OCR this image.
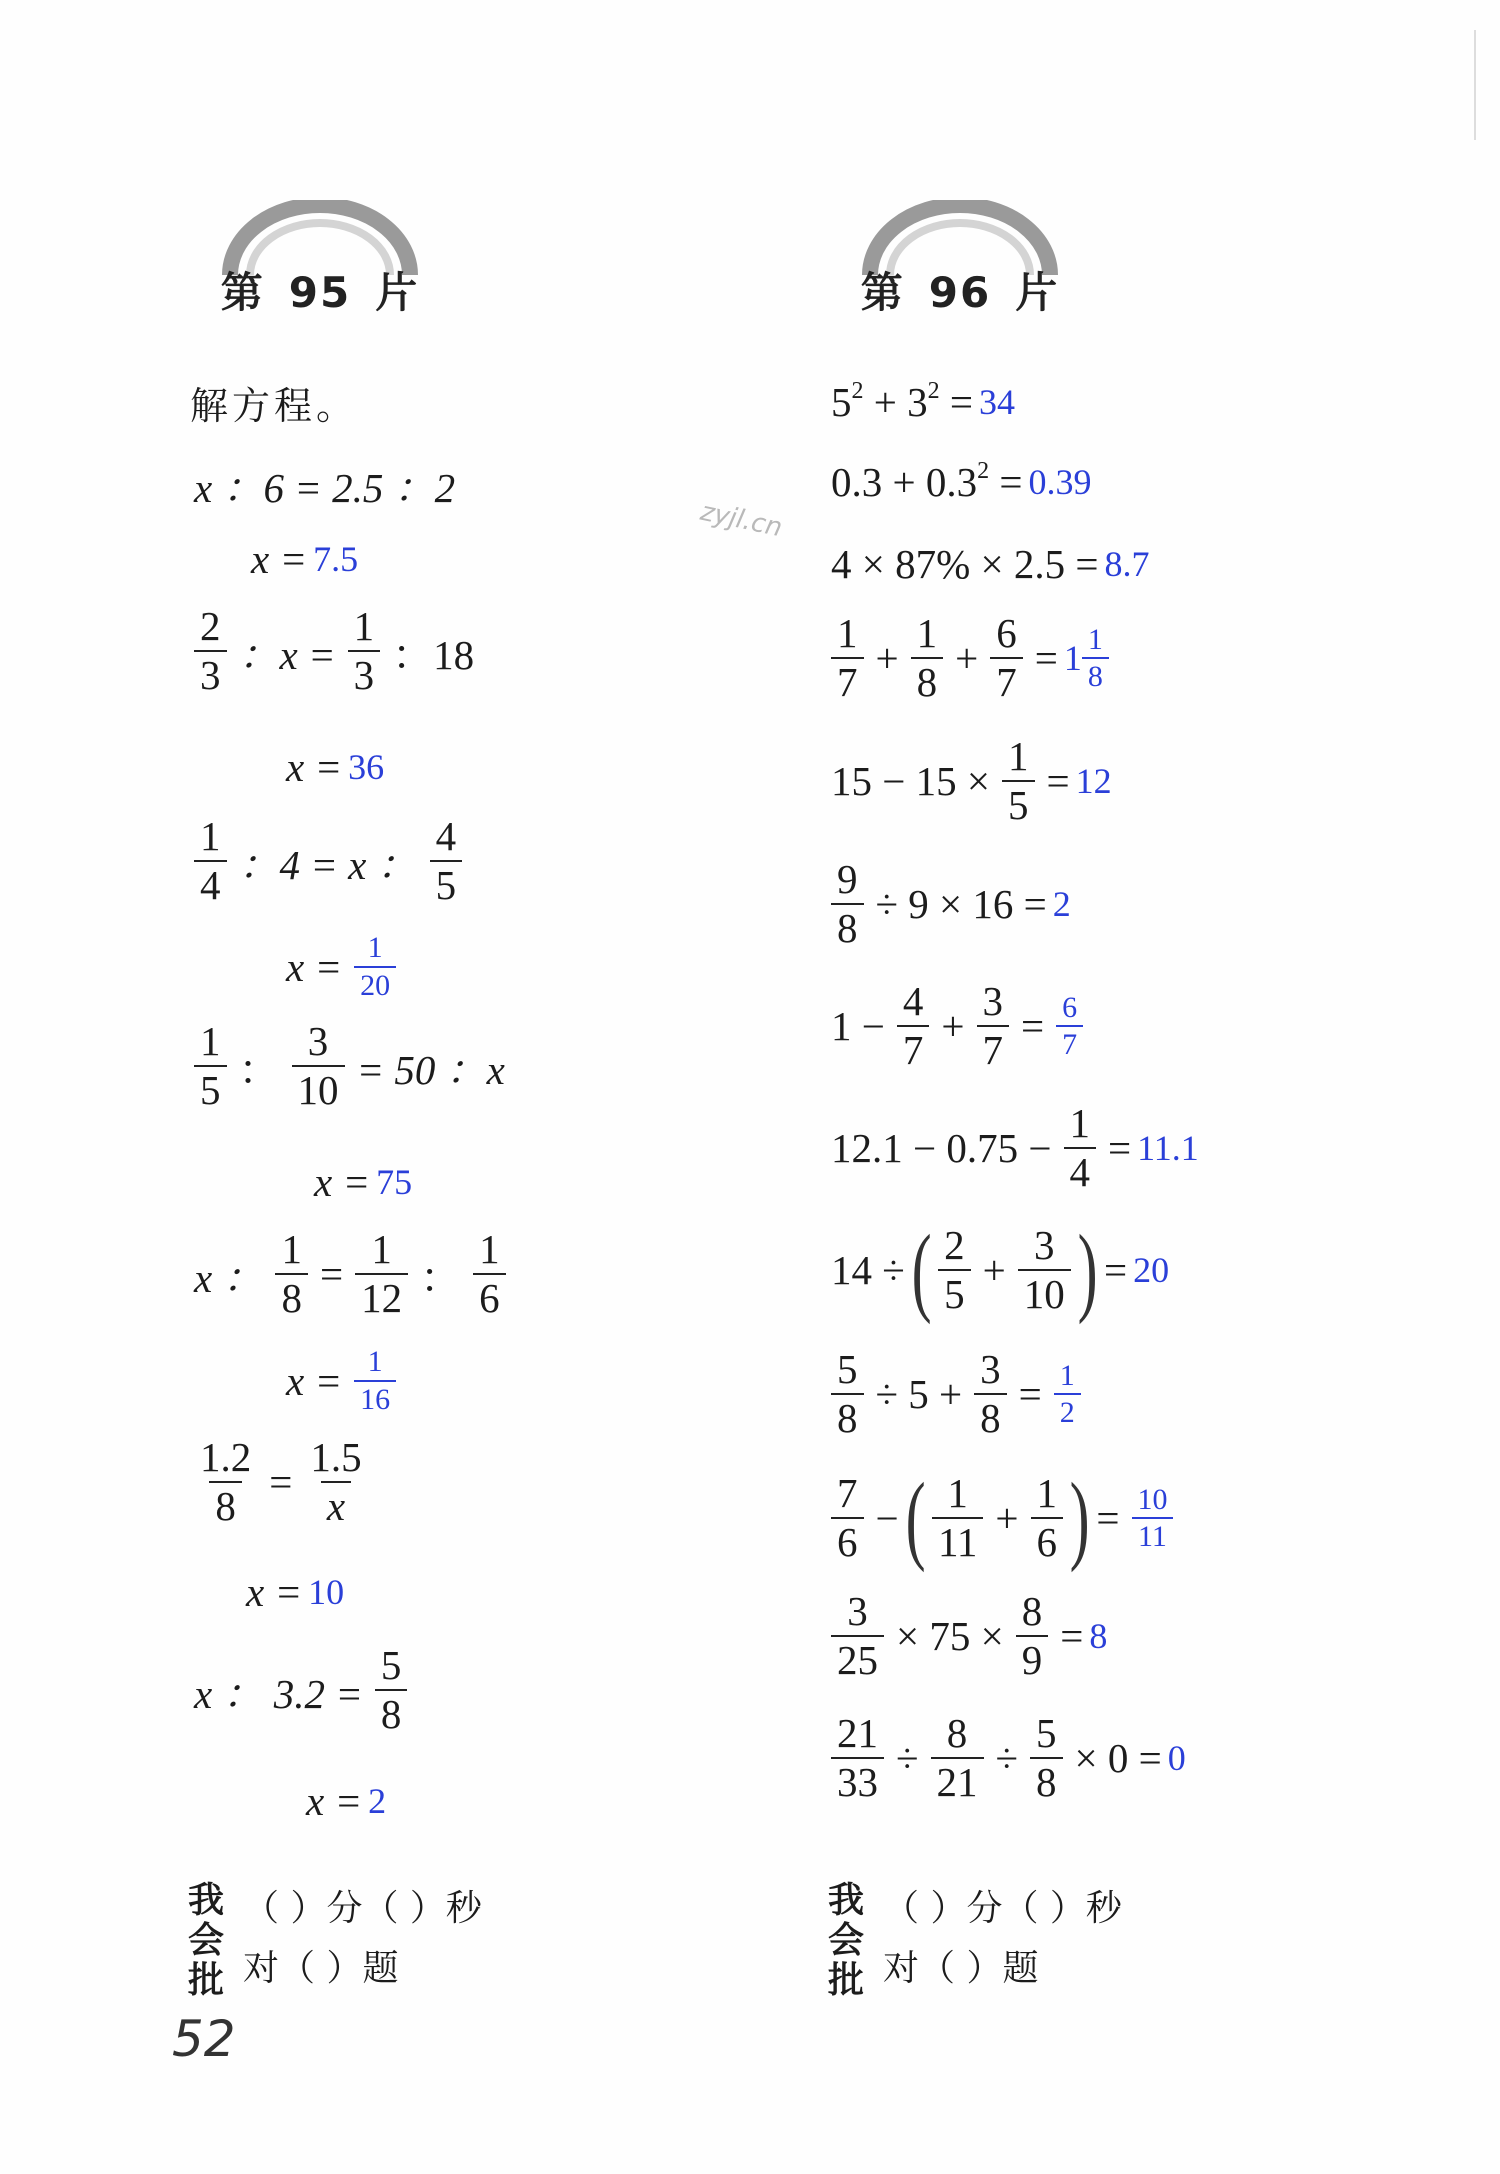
第 95 片	第 96 片
解方程。
x ：6 = 2.5 ：2
x = 7.5
$\frac{2}{3}$ ：$x = \frac{1}{3}$ ：18
x = 36
$\frac{1}{4}$ ：4 = x ： $\frac{4}{5}$
$x = \frac{1}{20}$
$\frac{1}{5}$ ： $\frac{3}{10} = 50$ ：x
x = 75
x ： $\frac{1}{8} = \frac{1}{12}$ ： $\frac{1}{6}$
$x = \frac{1}{16}$
$\frac{1.2}{8} = \frac{1.5}{x}$
x = 10
x ： $3.2 = \frac{5}{8}$
x = 2
我
会
批
（ ）分（ ）秒
对（ ）题
$5^2 + 3^2 = 34$
$0.3 + 0.3^2 = 0.39$
4 × 87% × 2.5 = 8.7
$\frac{1}{7} + \frac{1}{8} + \frac{6}{7} = 1 \frac{1}{8}$
$15 - 15 \times \frac{1}{5} = 12$
$\frac{9}{8} \div 9 \times 16 = 2$
$1 - \frac{4}{7} + \frac{3}{7} = \frac{6}{7}$
$12.1 - 0.75 - \frac{1}{4} = 11.1$
14 ÷ ( $\frac{2}{5} + \frac{3}{10}$ ) = 20
$\frac{5}{8} \div 5 + \frac{3}{8} = \frac{1}{2}$
$\frac{7}{6}$ − ( $\frac{1}{11} + \frac{1}{6}$ ) = $\frac{10}{11}$
$\frac{3}{25} \times 75 \times \frac{8}{9} = 8$
$\frac{21}{33} \div \frac{8}{21} \div \frac{5}{8} \times 0 = 0$
我
会
批
（ ）分（ ）秒
对（ ）题
zyjl.cn
52
